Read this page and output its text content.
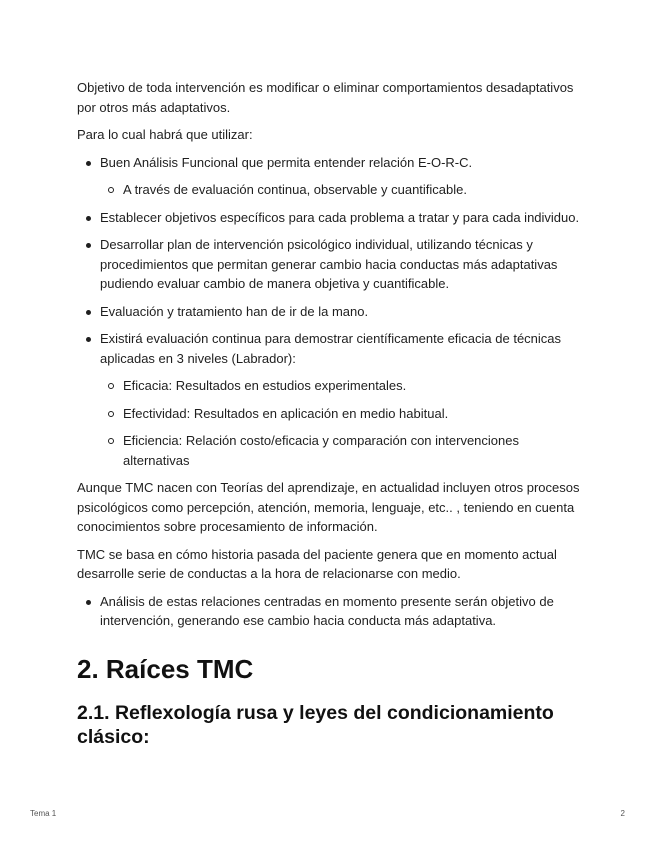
Objetivo de toda intervención es modificar o eliminar comportamientos desadaptativos por otros más adaptativos.

Para lo cual habrá que utilizar:

Buen Análisis Funcional que permita entender relación E-O-R-C.
A través de evaluación continua, observable y cuantificable.
Establecer objetivos específicos para cada problema a tratar y para cada individuo.
Desarrollar plan de intervención psicológico individual, utilizando técnicas y procedimientos que permitan generar cambio hacia conductas más adaptativas pudiendo evaluar cambio de manera objetiva y cuantificable.
Evaluación y tratamiento han de ir de la mano.
Existirá evaluación continua para demostrar científicamente eficacia de técnicas aplicadas en 3 niveles (Labrador):
Eficacia: Resultados en estudios experimentales.
Efectividad: Resultados en aplicación en medio habitual.
Eficiencia: Relación costo/eficacia y comparación con intervenciones alternativas

Aunque TMC nacen con Teorías del aprendizaje, en actualidad incluyen otros procesos psicológicos como percepción, atención, memoria, lenguaje, etc.. , teniendo en cuenta conocimientos sobre procesamiento de información.

TMC se basa en cómo historia pasada del paciente genera que en momento actual desarrolle serie de conductas a la hora de relacionarse con medio.

Análisis de estas relaciones centradas en momento presente serán objetivo de intervención, generando ese cambio hacia conducta más adaptativa.
2. Raíces TMC
2.1. Reflexología rusa y leyes del condicionamiento clásico:
Tema 1	2
